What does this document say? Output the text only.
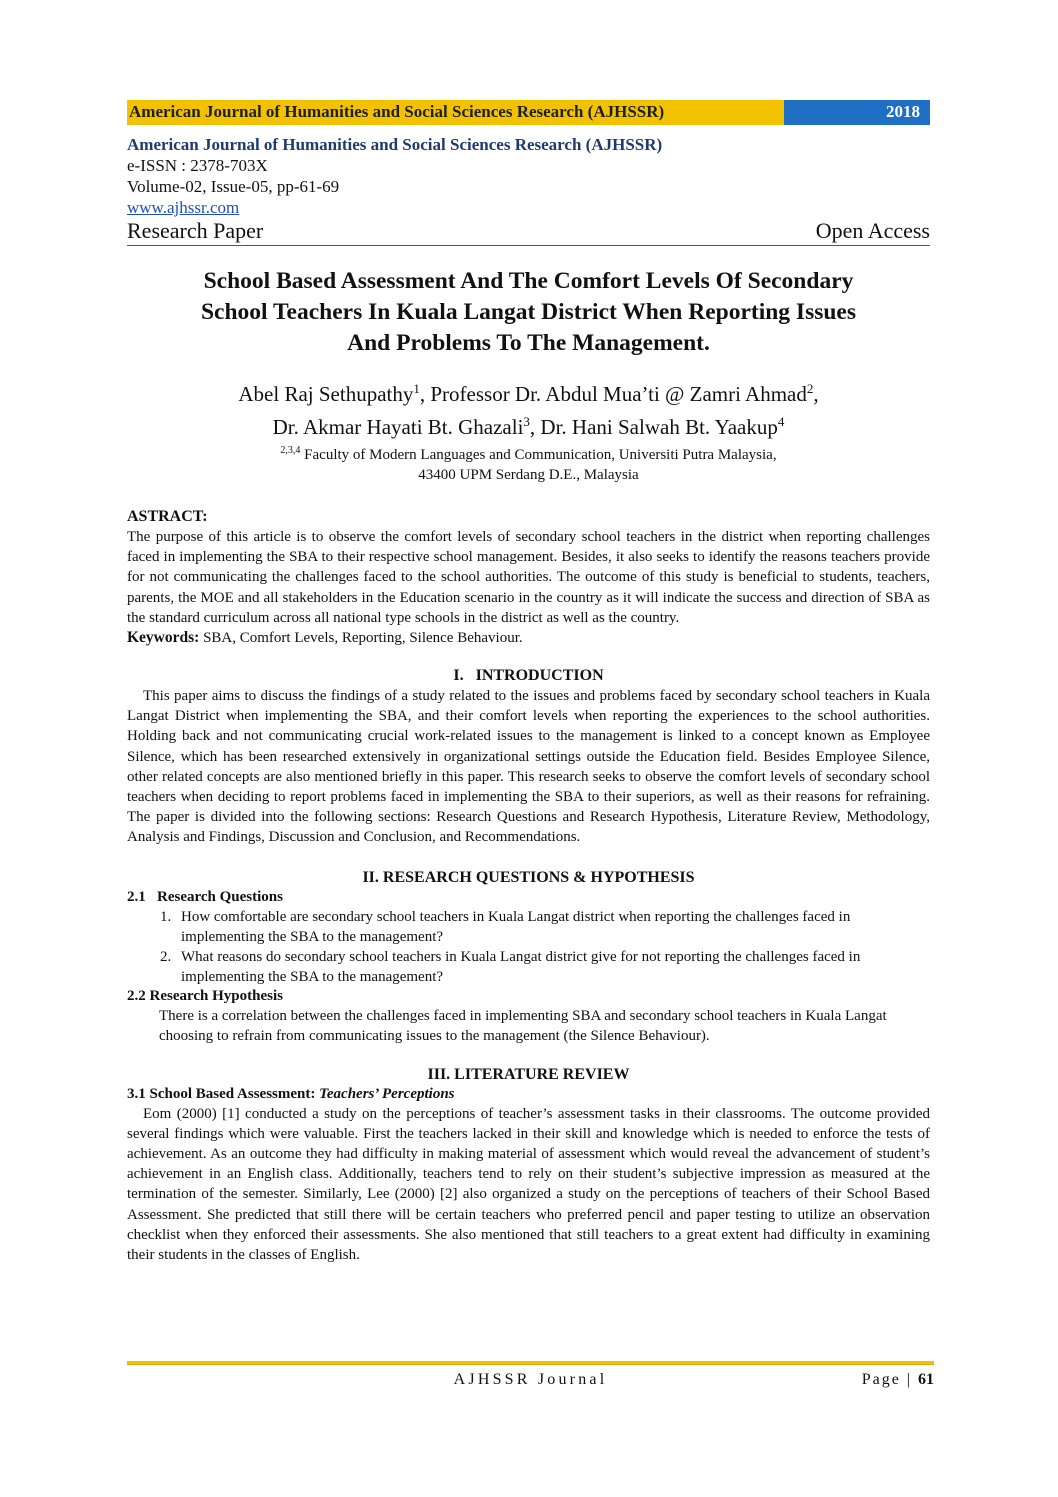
American Journal of Humanities and Social Sciences Research (AJHSSR)	2018
American Journal of Humanities and Social Sciences Research (AJHSSR)
e-ISSN : 2378-703X
Volume-02, Issue-05, pp-61-69
www.ajhssr.com
Research Paper	Open Access
School Based Assessment And The Comfort Levels Of Secondary
School Teachers In Kuala Langat District When Reporting Issues
And Problems To The Management.
Abel Raj Sethupathy$^1$, Professor Dr. Abdul Mua’ti @ Zamri Ahmad$^2$,
Dr. Akmar Hayati Bt. Ghazali$^3$, Dr. Hani Salwah Bt. Yaakup$^4$
$^{2,3,4}$ Faculty of Modern Languages and Communication, Universiti Putra Malaysia,
43400 UPM Serdang D.E., Malaysia
ASTRACT:

The purpose of this article is to observe the comfort levels of secondary school teachers in the district when reporting challenges faced in implementing the SBA to their respective school management. Besides, it also seeks to identify the reasons teachers provide for not communicating the challenges faced to the school authorities. The outcome of this study is beneficial to students, teachers, parents, the MOE and all stakeholders in the Education scenario in the country as it will indicate the success and direction of SBA as the standard curriculum across all national type schools in the district as well as the country.

Keywords: SBA, Comfort Levels, Reporting, Silence Behaviour.
I.   INTRODUCTION

This paper aims to discuss the findings of a study related to the issues and problems faced by secondary school teachers in Kuala Langat District when implementing the SBA, and their comfort levels when reporting the experiences to the school authorities. Holding back and not communicating crucial work-related issues to the management is linked to a concept known as Employee Silence, which has been researched extensively in organizational settings outside the Education field. Besides Employee Silence, other related concepts are also mentioned briefly in this paper. This research seeks to observe the comfort levels of secondary school teachers when deciding to report problems faced in implementing the SBA to their superiors, as well as their reasons for refraining. The paper is divided into the following sections: Research Questions and Research Hypothesis, Literature Review, Methodology, Analysis and Findings, Discussion and Conclusion, and Recommendations.

II. RESEARCH QUESTIONS & HYPOTHESIS
2.1   Research Questions
1. How comfortable are secondary school teachers in Kuala Langat district when reporting the challenges faced in implementing the SBA to the management?
2. What reasons do secondary school teachers in Kuala Langat district give for not reporting the challenges faced in implementing the SBA to the management?
2.2 Research Hypothesis
There is a correlation between the challenges faced in implementing SBA and secondary school teachers in Kuala Langat choosing to refrain from communicating issues to the management (the Silence Behaviour).
III. LITERATURE REVIEW
3.1 School Based Assessment: Teachers’ Perceptions

Eom (2000) [1] conducted a study on the perceptions of teacher’s assessment tasks in their classrooms. The outcome provided several findings which were valuable. First the teachers lacked in their skill and knowledge which is needed to enforce the tests of achievement. As an outcome they had difficulty in making material of assessment which would reveal the advancement of student’s achievement in an English class. Additionally, teachers tend to rely on their student’s subjective impression as measured at the termination of the semester. Similarly, Lee (2000) [2] also organized a study on the perceptions of teachers of their School Based Assessment. She predicted that still there will be certain teachers who preferred pencil and paper testing to utilize an observation checklist when they enforced their assessments. She also mentioned that still teachers to a great extent had difficulty in examining their students in the classes of English.

AJHSSR Journal	Page | 61
